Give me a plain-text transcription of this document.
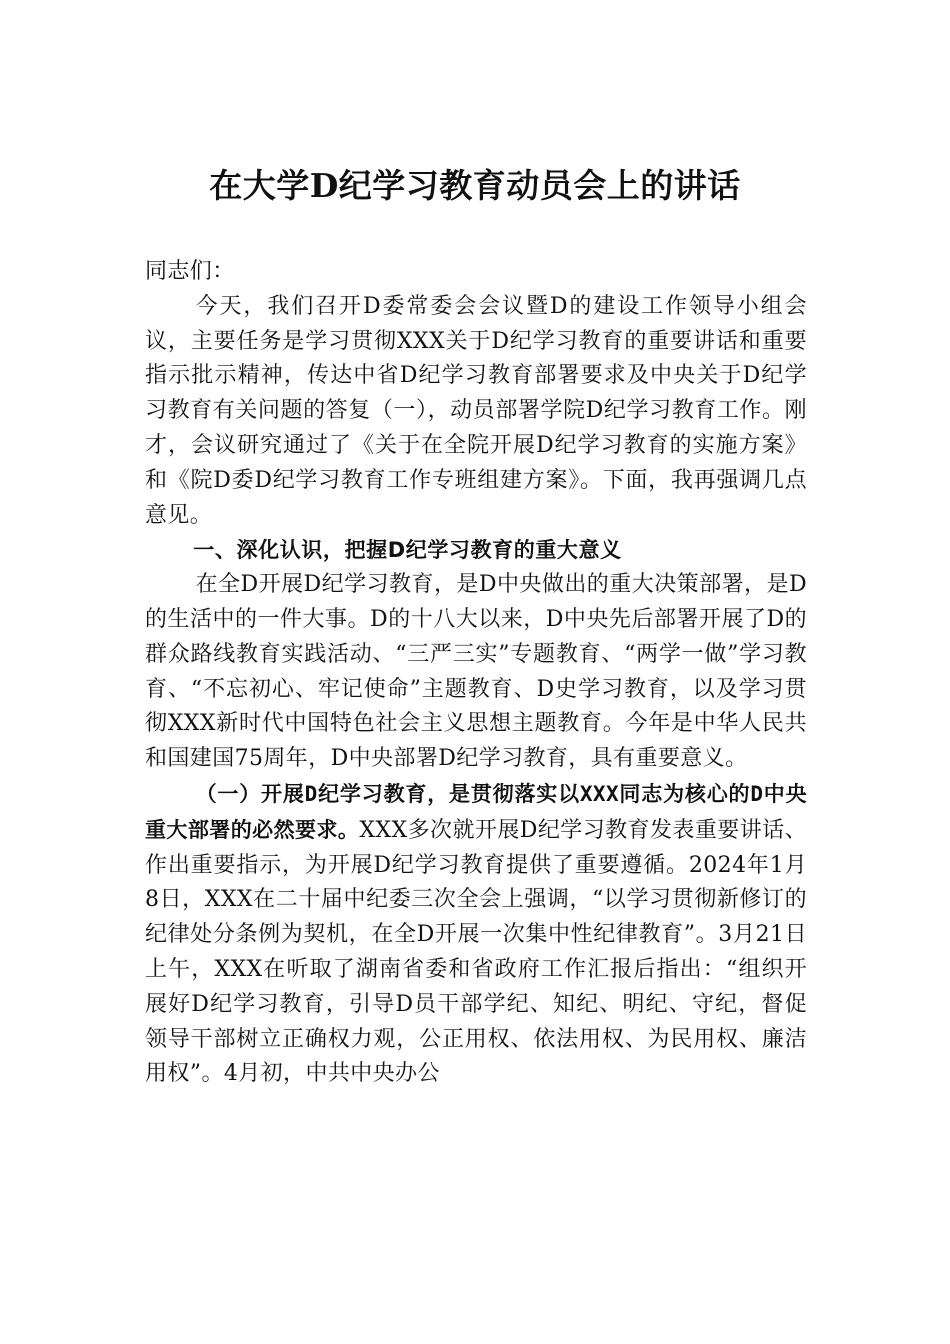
在大学D纪学习教育动员会上的讲话

同志们：

今天，我们召开D委常委会会议暨D的建设工作领导小组会议，主要任务是学习贯彻XXX关于D纪学习教育的重要讲话和重要指示批示精神，传达中省D纪学习教育部署要求及中央关于D纪学习教育有关问题的答复（一），动员部署学院D纪学习教育工作。刚才，会议研究通过了《关于在全院开展D纪学习教育的实施方案》和《院D委D纪学习教育工作专班组建方案》。下面，我再强调几点意见。

一、深化认识，把握D纪学习教育的重大意义

在全D开展D纪学习教育，是D中央做出的重大决策部署，是D的生活中的一件大事。D的十八大以来，D中央先后部署开展了D的群众路线教育实践活动、“三严三实”专题教育、“两学一做”学习教育、“不忘初心、牢记使命”主题教育、D史学习教育，以及学习贯彻XXX新时代中国特色社会主义思想主题教育。今年是中华人民共和国建国75周年，D中央部署D纪学习教育，具有重要意义。

（一）开展D纪学习教育，是贯彻落实以XXX同志为核心的D中央重大部署的必然要求。XXX多次就开展D纪学习教育发表重要讲话、作出重要指示，为开展D纪学习教育提供了重要遵循。2024年1月8日，XXX在二十届中纪委三次全会上强调，“以学习贯彻新修订的纪律处分条例为契机，在全D开展一次集中性纪律教育”。3月21日上午，XXX在听取了湖南省委和省政府工作汇报后指出：“组织开展好D纪学习教育，引导D员干部学纪、知纪、明纪、守纪，督促领导干部树立正确权力观，公正用权、依法用权、为民用权、廉洁用权”。4月初，中共中央办公
